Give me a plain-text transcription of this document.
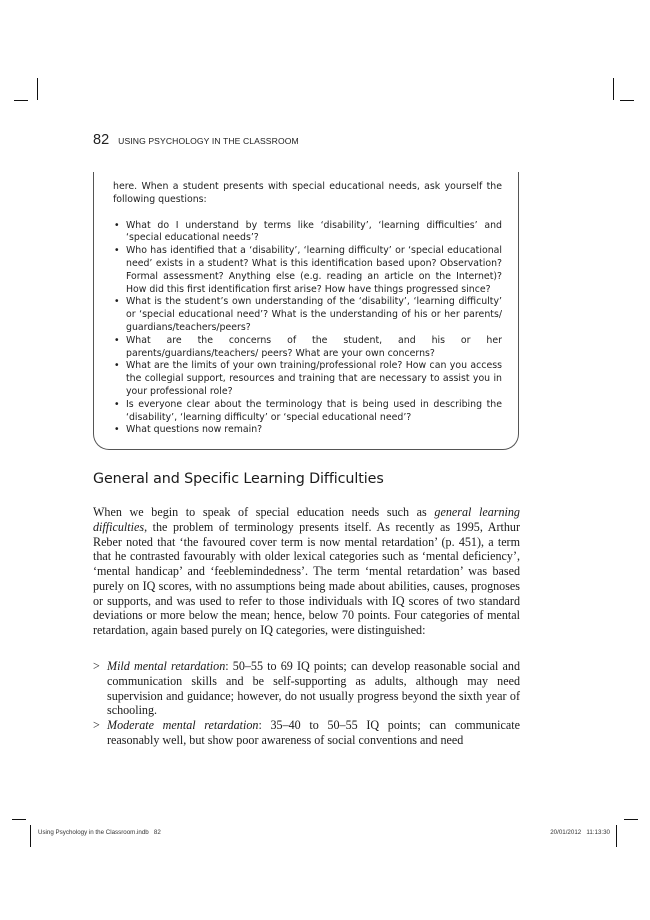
82 USING PSYCHOLOGY IN THE CLASSROOM

here. When a student presents with special educational needs, ask yourself the following questions:

• What do I understand by terms like ‘disability’, ‘learning difficulties’ and ‘special educational needs’?
• Who has identified that a ‘disability’, ‘learning difficulty’ or ‘special educational need’ exists in a student? What is this identification based upon? Observation? Formal assessment? Anything else (e.g. reading an article on the Internet)? How did this first identification first arise? How have things progressed since?
• What is the student’s own understanding of the ‘disability’, ‘learning difficulty’ or ‘special educational need’? What is the understanding of his or her parents/ guardians/teachers/peers?
• What are the concerns of the student, and his or her parents/guardians/teachers/ peers? What are your own concerns?
• What are the limits of your own training/professional role? How can you access the collegial support, resources and training that are necessary to assist you in your professional role?
• Is everyone clear about the terminology that is being used in describing the ‘disability’, ‘learning difficulty’ or ‘special educational need’?
• What questions now remain?
General and Specific Learning Difficulties

When we begin to speak of special education needs such as general learning difficulties, the problem of terminology presents itself. As recently as 1995, Arthur Reber noted that ‘the favoured cover term is now mental retardation’ (p. 451), a term that he contrasted favourably with older lexical categories such as ‘mental deficiency’, ‘mental handicap’ and ‘feeblemindedness’. The term ‘mental retardation’ was based purely on IQ scores, with no assumptions being made about abilities, causes, prognoses or supports, and was used to refer to those individuals with IQ scores of two standard deviations or more below the mean; hence, below 70 points. Four categories of mental retardation, again based purely on IQ categories, were distinguished:

> Mild mental retardation: 50–55 to 69 IQ points; can develop reasonable social and communication skills and be self-supporting as adults, although may need supervision and guidance; however, do not usually progress beyond the sixth year of schooling.
> Moderate mental retardation: 35–40 to 50–55 IQ points; can communicate reasonably well, but show poor awareness of social conventions and need
Using Psychology in the Classroom.indb   82	20/01/2012   11:13:30
